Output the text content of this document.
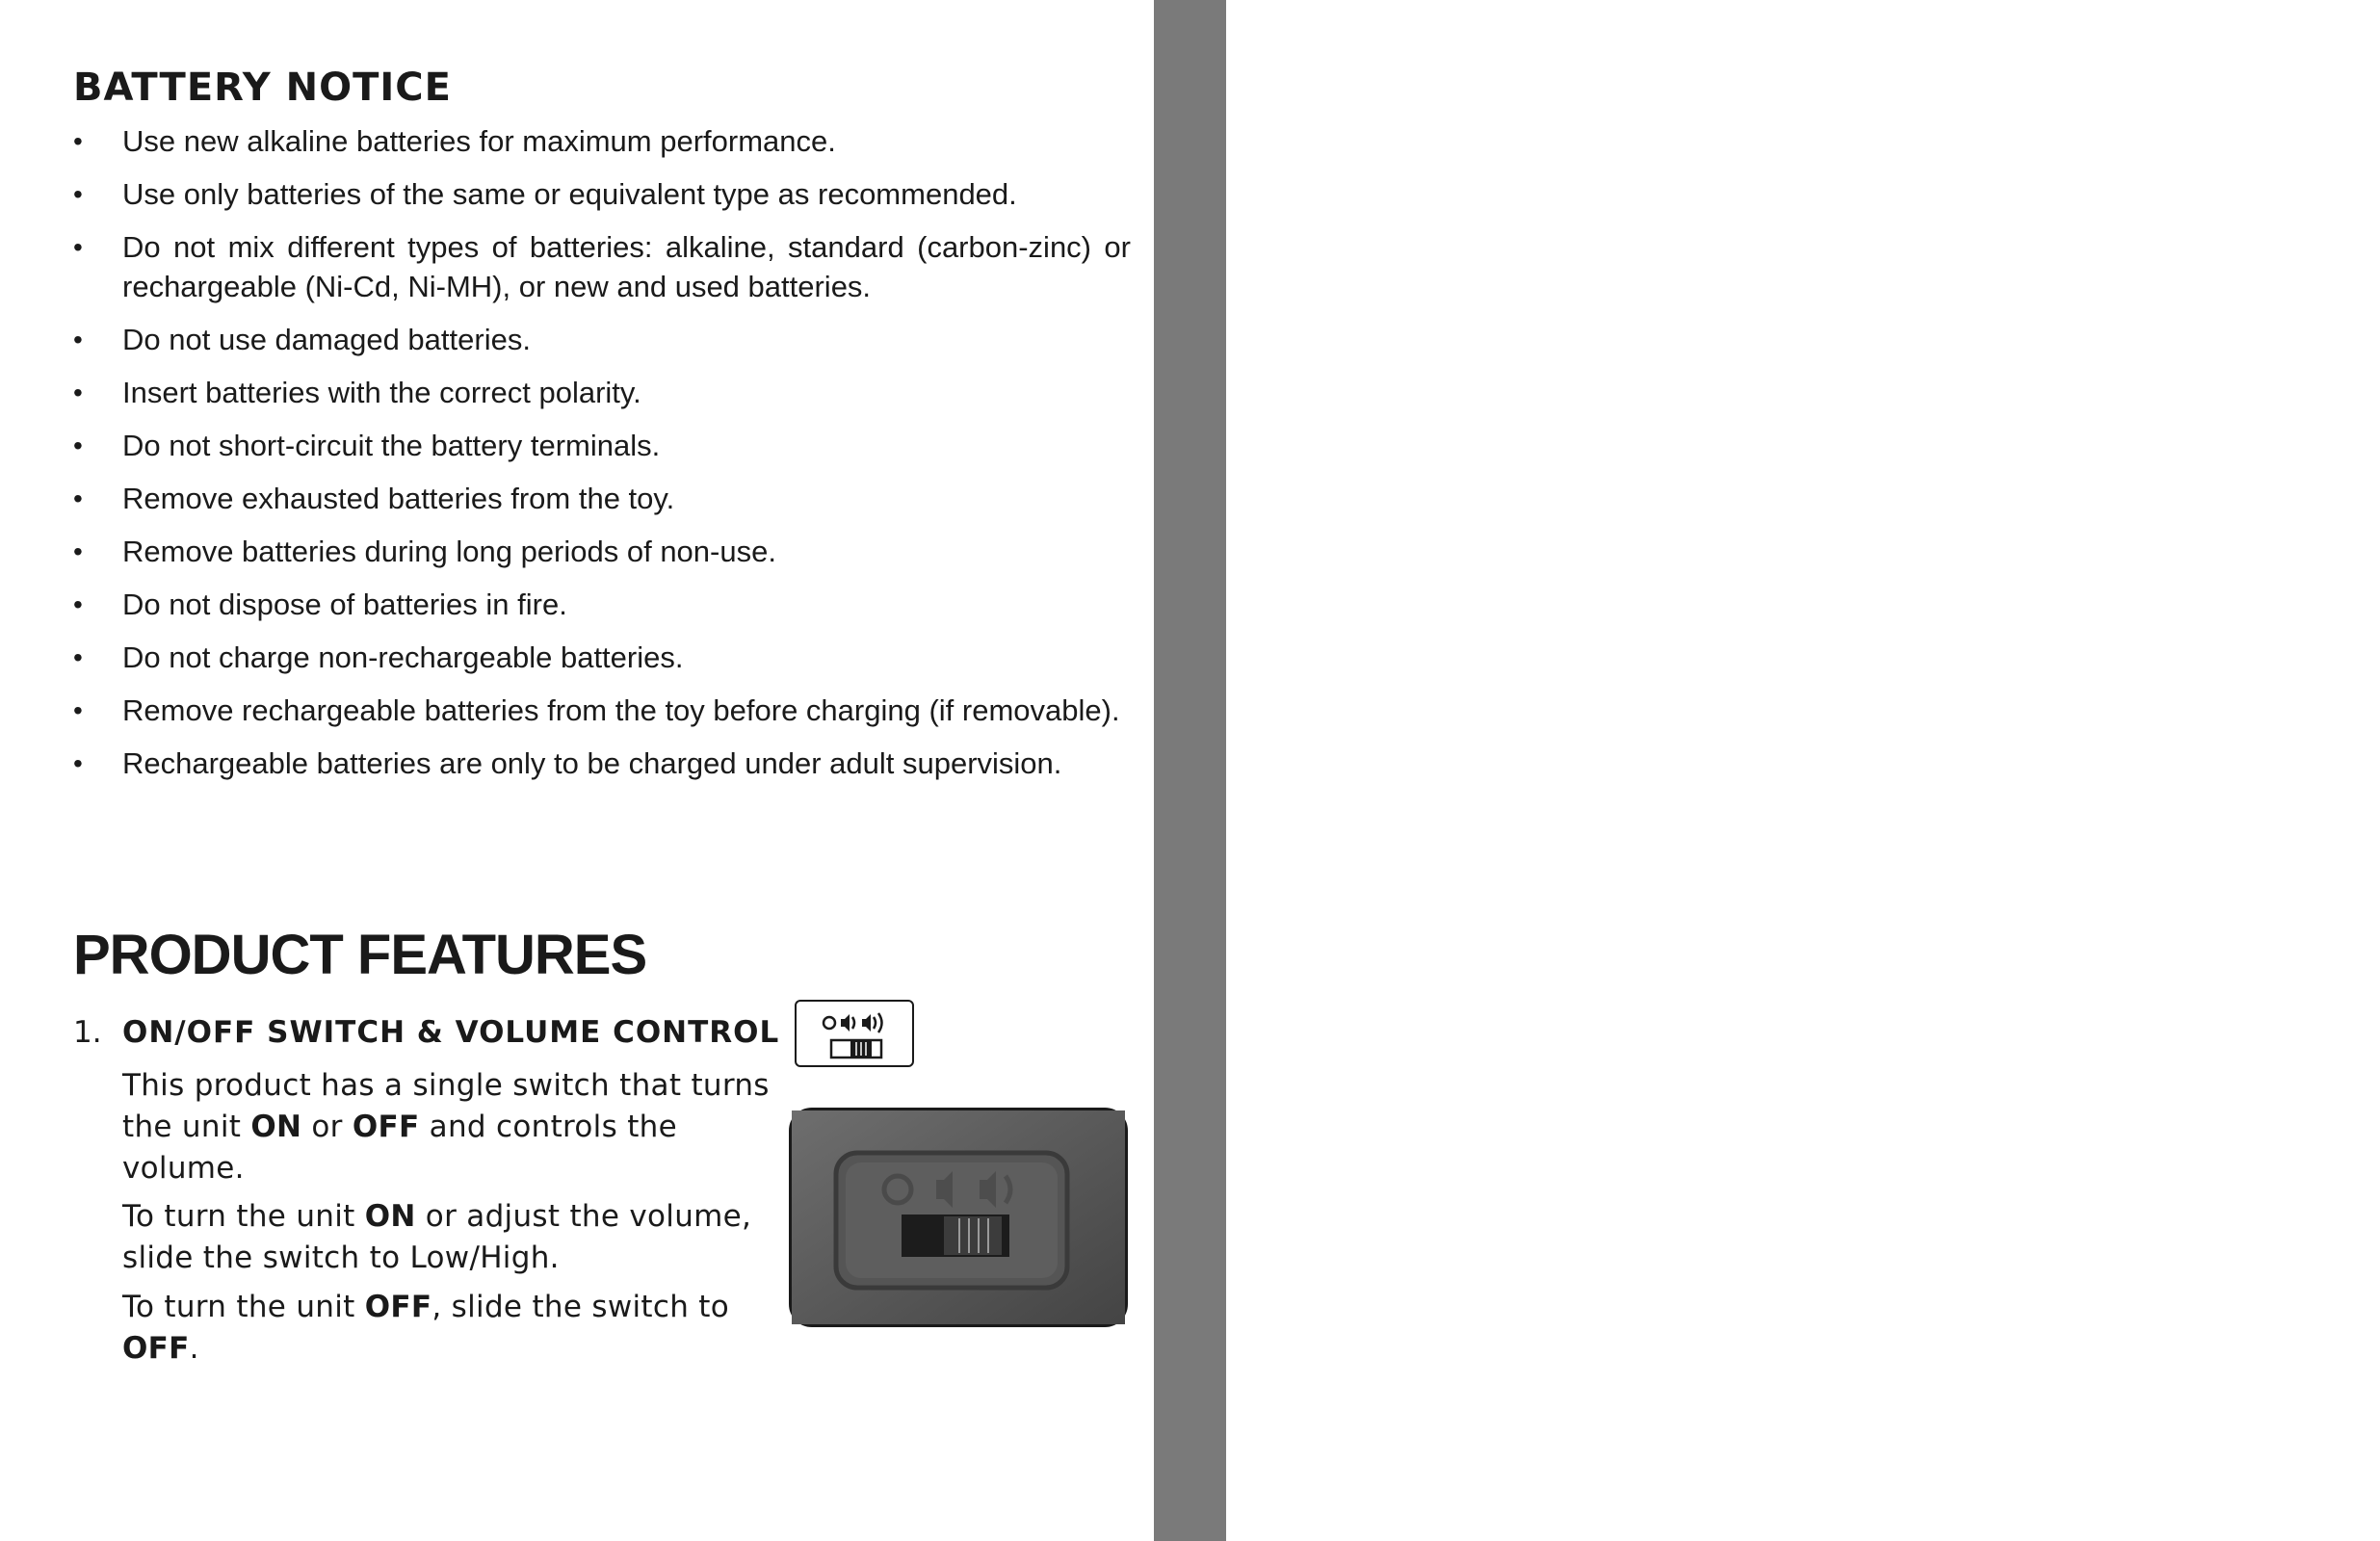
Product Features
4
BATTERY NOTICE
• Use new alkaline batteries for maximum performance.
• Use only batteries of the same or equivalent type as recommended.
• Do not mix different types of batteries: alkaline, standard (carbon-zinc) or rechargeable (Ni-Cd, Ni-MH), or new and used batteries.
• Do not use damaged batteries.
• Insert batteries with the correct polarity.
• Do not short-circuit the battery terminals.
• Remove exhausted batteries from the toy.
• Remove batteries during long periods of non-use.
• Do not dispose of batteries in fire.
• Do not charge non-rechargeable batteries.
• Remove rechargeable batteries from the toy before charging (if removable).
• Rechargeable batteries are only to be charged under adult supervision.
PRODUCT FEATURES
1. ON/OFF SWITCH & VOLUME CONTROL

This product has a single switch that turns the unit ON or OFF and controls the volume.

To turn the unit ON or adjust the volume, slide the switch to Low/High.

To turn the unit OFF, slide the switch to OFF.
